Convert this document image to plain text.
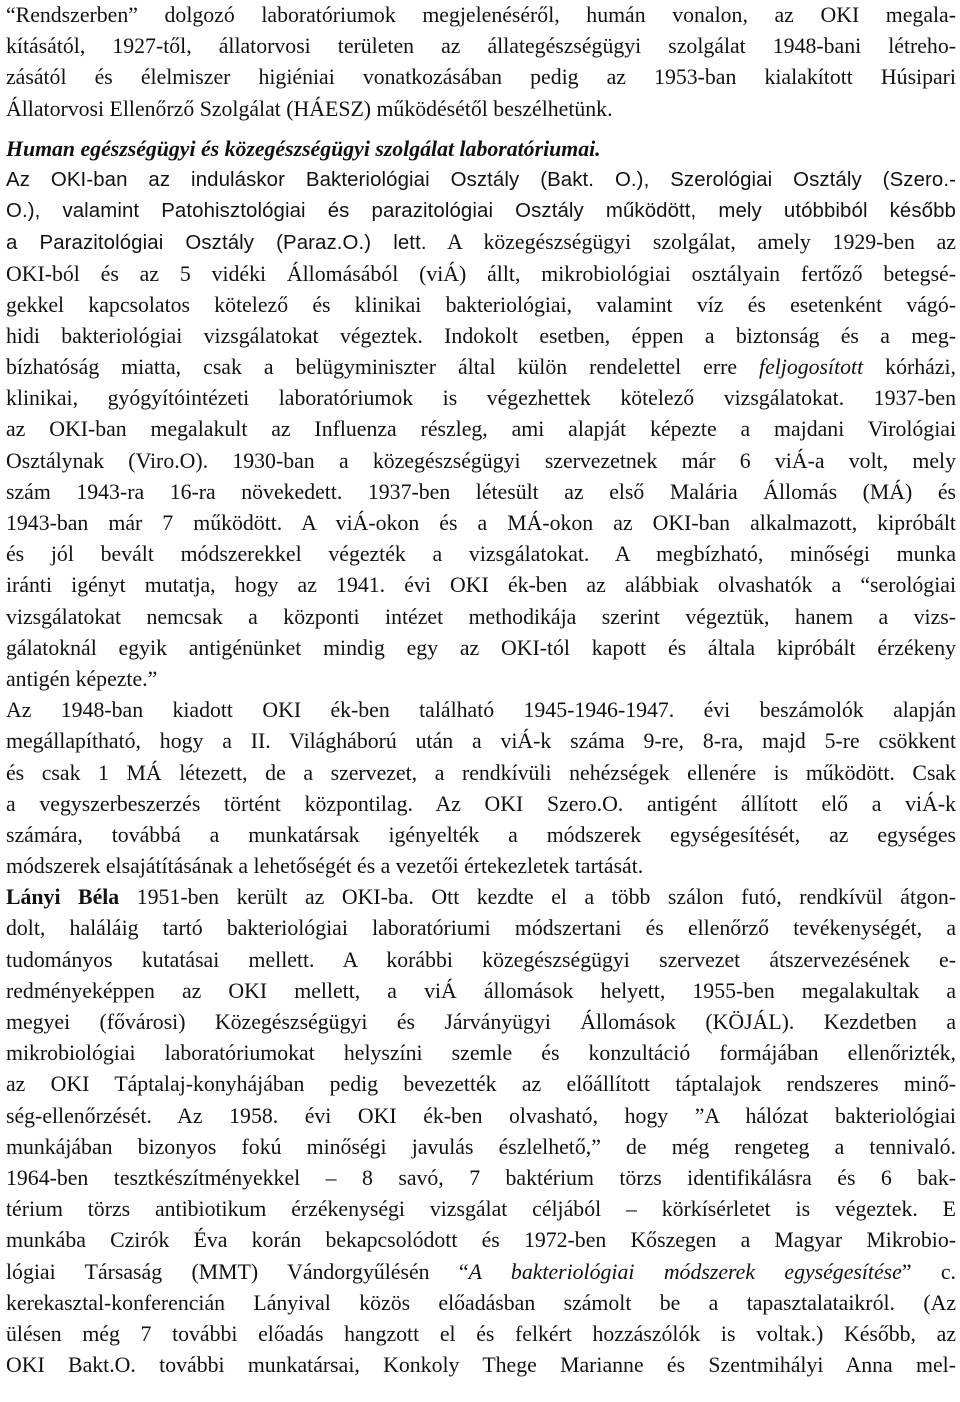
“Rendszerben” dolgozó laboratóriumok megjelenéséről, humán vonalon, az OKI megala-
kításától, 1927-től, állatorvosi területen az állategészségügyi szolgálat 1948-bani létreho-
zásától és élelmiszer higiéniai vonatkozásában pedig az 1953-ban kialakított Húsipari
Állatorvosi Ellenőrző Szolgálat (HÁESZ) működésétől beszélhetünk.
Human egészségügyi és közegészségügyi szolgálat laboratóriumai.
Az OKI-ban az induláskor Bakteriológiai Osztály (Bakt. O.), Szerológiai Osztály (Szero.-
O.), valamint Patohisztológiai és parazitológiai Osztály működött, mely utóbbiból később
a Parazitológiai Osztály (Paraz.O.) lett. A közegészségügyi szolgálat, amely 1929-ben az
OKI-ból és az 5 vidéki Állomásából (viÁ) állt, mikrobiológiai osztályain fertőző betegsé-
gekkel kapcsolatos kötelező és klinikai bakteriológiai, valamint víz és esetenként vágó-
hidi bakteriológiai vizsgálatokat végeztek. Indokolt esetben, éppen a biztonság és a meg-
bízhatóság miatta, csak a belügyminiszter által külön rendelettel erre feljogosított kórházi,
klinikai, gyógyítóintézeti laboratóriumok is végezhettek kötelező vizsgálatokat. 1937-ben
az OKI-ban megalakult az Influenza részleg, ami alapját képezte a majdani Virológiai
Osztálynak (Viro.O). 1930-ban a közegészségügyi szervezetnek már 6 viÁ-a volt, mely
szám 1943-ra 16-ra növekedett. 1937-ben létesült az első Malária Állomás (MÁ) és
1943-ban már 7 működött. A viÁ-okon és a MÁ-okon az OKI-ban alkalmazott, kipróbált
és jól bevált módszerekkel végezték a vizsgálatokat. A megbízható, minőségi munka
iránti igényt mutatja, hogy az 1941. évi OKI ék-ben az alábbiak olvashatók a “serológiai
vizsgálatokat nemcsak a központi intézet methodikája szerint végeztük, hanem a vizs-
gálatoknál egyik antigénünket mindig egy az OKI-tól kapott és általa kipróbált érzékeny
antigén képezte.”
Az 1948-ban kiadott OKI ék-ben található 1945-1946-1947. évi beszámolók alapján
megállapítható, hogy a II. Világháború után a viÁ-k száma 9-re, 8-ra, majd 5-re csökkent
és csak 1 MÁ létezett, de a szervezet, a rendkívüli nehézségek ellenére is működött. Csak
a vegyszerbeszerzés történt központilag. Az OKI Szero.O. antigént állított elő a viÁ-k
számára, továbbá a munkatársak igényelték a módszerek egységesítését, az egységes
módszerek elsajátításának a lehetőségét és a vezetői értekezletek tartását.
Lányi Béla 1951-ben került az OKI-ba. Ott kezdte el a több szálon futó, rendkívül átgon-
dolt, haláláig tartó bakteriológiai laboratóriumi módszertani és ellenőrző tevékenységét, a
tudományos kutatásai mellett. A korábbi közegészségügyi szervezet átszervezésének e-
redményeképpen az OKI mellett, a viÁ állomások helyett, 1955-ben megalakultak a
megyei (fővárosi) Közegészségügyi és Járványügyi Állomások (KÖJÁL). Kezdetben a
mikrobiológiai laboratóriumokat helyszíni szemle és konzultáció formájában ellenőrizték,
az OKI Táptalaj-konyhájában pedig bevezették az előállított táptalajok rendszeres minő-
ség-ellenőrzését. Az 1958. évi OKI ék-ben olvasható, hogy ”A hálózat bakteriológiai
munkájában bizonyos fokú minőségi javulás észlelhető,” de még rengeteg a tennivaló.
1964-ben tesztkészítményekkel – 8 savó, 7 baktérium törzs identifikálásra és 6 bak-
térium törzs antibiotikum érzékenységi vizsgálat céljából – körkísérletet is végeztek. E
munkába Czirók Éva korán bekapcsolódott és 1972-ben Kőszegen a Magyar Mikrobio-
lógiai Társaság (MMT) Vándorgyűlésén “A bakteriológiai módszerek egységesítése” c.
kerekasztal-konferencián Lányival közös előadásban számolt be a tapasztalataikról. (Az
ülésen még 7 további előadás hangzott el és felkért hozzászólók is voltak.) Később, az
OKI Bakt.O. további munkatársai, Konkoly Thege Marianne és Szentmihályi Anna mel-
